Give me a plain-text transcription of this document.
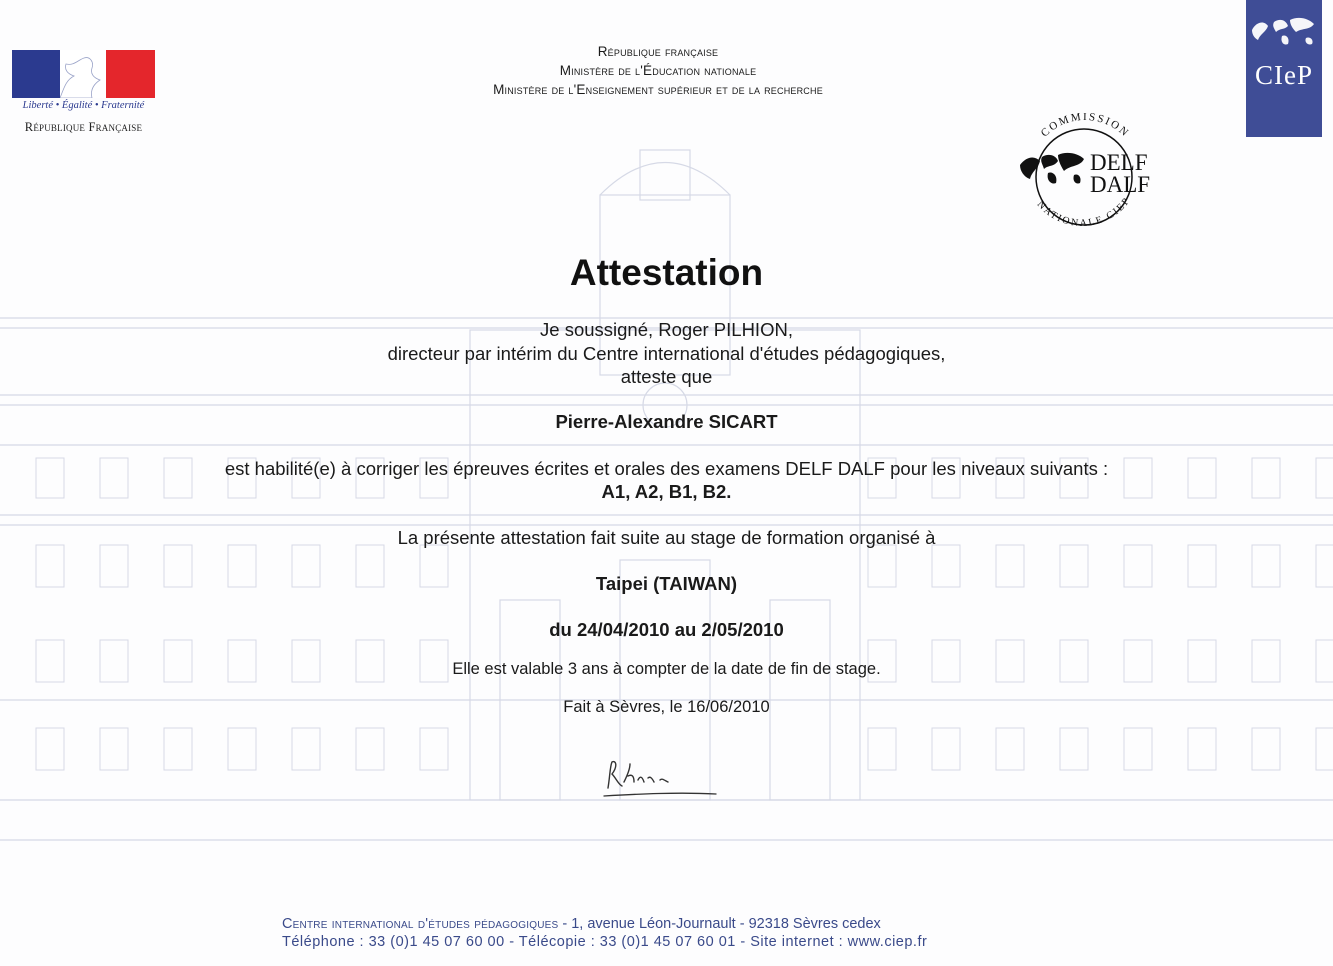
Liberté • Égalité • Fraternité
République Française
République française
Ministère de l'Éducation nationale
Ministère de l'Enseignement supérieur et de la recherche	CIeP
COMMISSION
NATIONALE CIEP
DELF
DALF
Attestation
Je soussigné, Roger PILHION,
directeur par intérim du Centre international d'études pédagogiques,
atteste que
Pierre-Alexandre SICART
est habilité(e) à corriger les épreuves écrites et orales des examens DELF DALF pour les niveaux suivants :
A1, A2, B1, B2.
La présente attestation fait suite au stage de formation organisé à
Taipei (TAIWAN)
du 24/04/2010 au 2/05/2010
Elle est valable 3 ans à compter de la date de fin de stage.
Fait à Sèvres, le 16/06/2010
Centre international d'études pédagogiques - 1, avenue Léon-Journault - 92318 Sèvres cedex
Téléphone : 33 (0)1 45 07 60 00 - Télécopie : 33 (0)1 45 07 60 01 - Site internet : www.ciep.fr
